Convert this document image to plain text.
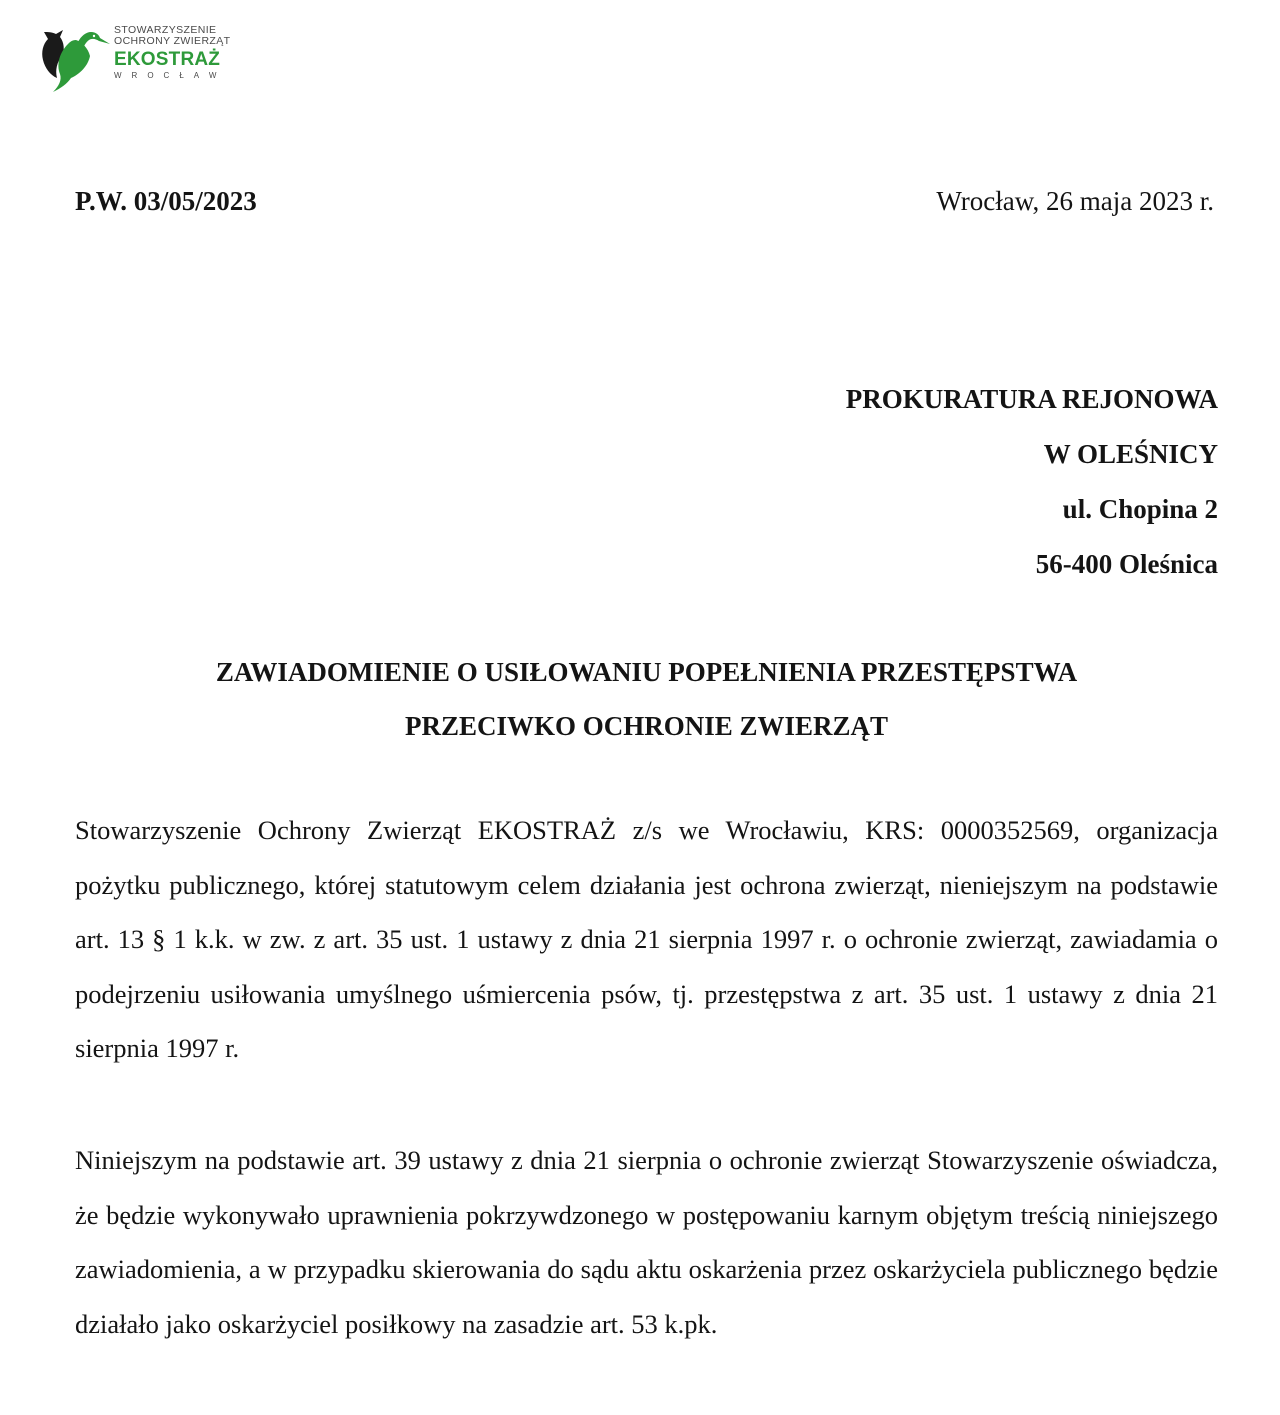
STOWARZYSZENIE
OCHRONY ZWIERZĄT
EKOSTRAŻ
WROCŁAW
P.W. 03/05/2023	Wrocław, 26 maja 2023 r.
PROKURATURA REJONOWA
W OLEŚNICY
ul. Chopina 2
56-400 Oleśnica
ZAWIADOMIENIE O USIŁOWANIU POPEŁNIENIA PRZESTĘPSTWA
PRZECIWKO OCHRONIE ZWIERZĄT

Stowarzyszenie Ochrony Zwierząt EKOSTRAŻ z/s we Wrocławiu, KRS: 0000352569, organizacja pożytku publicznego, której statutowym celem działania jest ochrona zwierząt, nieniejszym na podstawie art. 13 § 1 k.k. w zw. z art. 35 ust. 1 ustawy z dnia 21 sierpnia 1997 r. o ochronie zwierząt, zawiadamia o podejrzeniu usiłowania umyślnego uśmiercenia psów, tj. przestępstwa z art. 35 ust. 1 ustawy z dnia 21 sierpnia 1997 r.

Niniejszym na podstawie art. 39 ustawy z dnia 21 sierpnia o ochronie zwierząt Stowarzyszenie oświadcza, że będzie wykonywało uprawnienia pokrzywdzonego w postępowaniu karnym objętym treścią niniejszego zawiadomienia, a w przypadku skierowania do sądu aktu oskarżenia przez oskarżyciela publicznego będzie działało jako oskarżyciel posiłkowy na zasadzie art. 53 k.pk.
